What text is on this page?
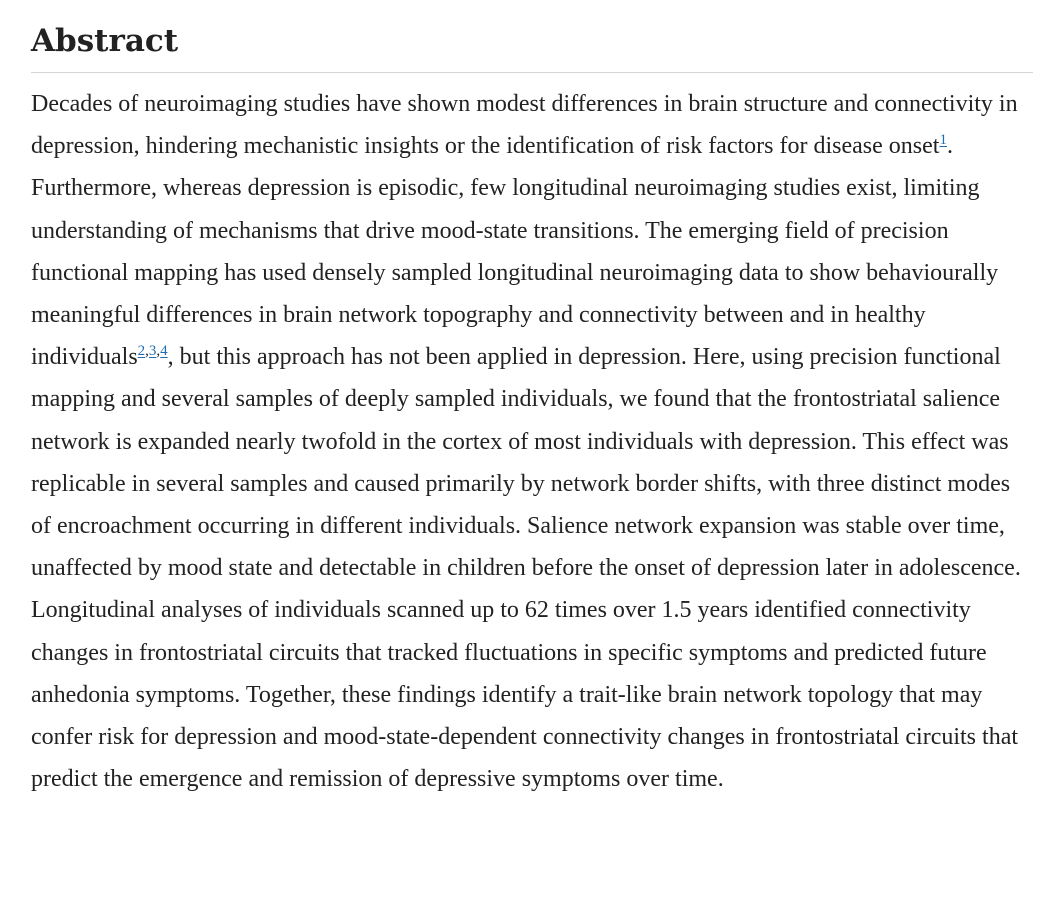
Abstract

Decades of neuroimaging studies have shown modest differences in brain structure and connectivity in depression, hindering mechanistic insights or the identification of risk factors for disease onset$^1$. Furthermore, whereas depression is episodic, few longitudinal neuroimaging studies exist, limiting understanding of mechanisms that drive mood-state transitions. The emerging field of precision functional mapping has used densely sampled longitudinal neuroimaging data to show behaviourally meaningful differences in brain network topography and connectivity between and in healthy individuals$^{2,3,4}$, but this approach has not been applied in depression. Here, using precision functional mapping and several samples of deeply sampled individuals, we found that the frontostriatal salience network is expanded nearly twofold in the cortex of most individuals with depression. This effect was replicable in several samples and caused primarily by network border shifts, with three distinct modes of encroachment occurring in different individuals. Salience network expansion was stable over time, unaffected by mood state and detectable in children before the onset of depression later in adolescence. Longitudinal analyses of individuals scanned up to 62 times over 1.5 years identified connectivity changes in frontostriatal circuits that tracked fluctuations in specific symptoms and predicted future anhedonia symptoms. Together, these findings identify a trait-like brain network topology that may confer risk for depression and mood-state-dependent connectivity changes in frontostriatal circuits that predict the emergence and remission of depressive symptoms over time.
